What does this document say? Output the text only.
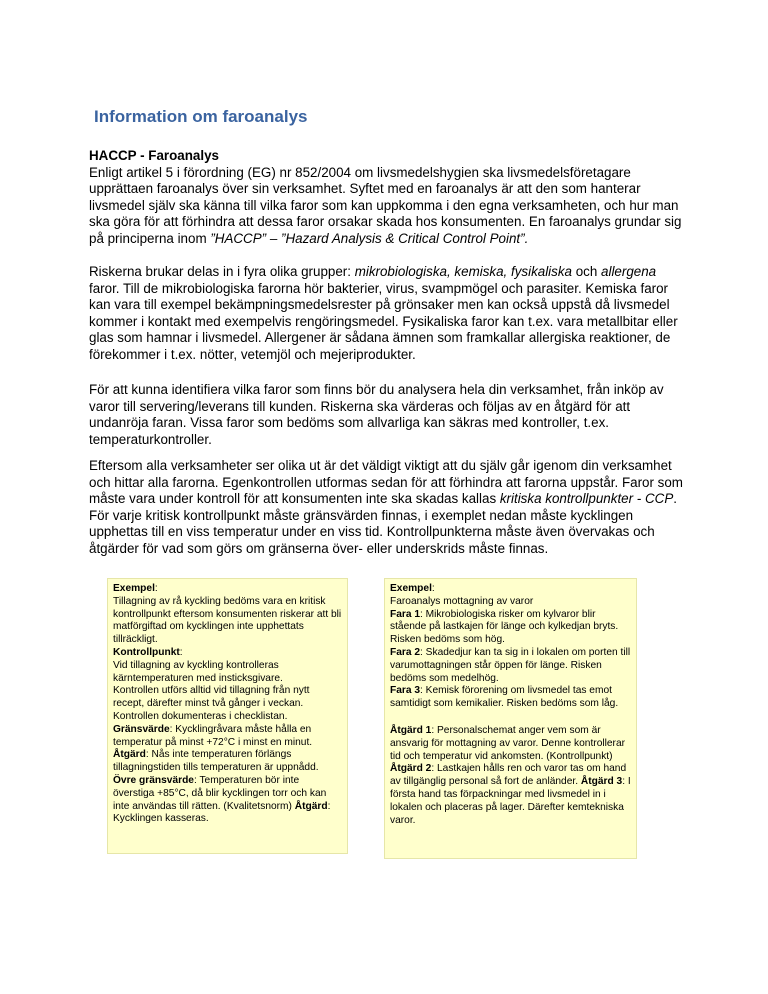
Information om faroanalys

HACCP - Faroanalys

Enligt artikel 5 i förordning (EG) nr 852/2004 om livsmedelshygien ska livsmedelsföretagare upprättaen faroanalys över sin verksamhet. Syftet med en faroanalys är att den som hanterar livsmedel själv ska känna till vilka faror som kan uppkomma i den egna verksamheten, och hur man ska göra för att förhindra att dessa faror orsakar skada hos konsumenten. En faroanalys grundar sig på principerna inom ”HACCP” – ”Hazard Analysis & Critical Control Point”.

Riskerna brukar delas in i fyra olika grupper: mikrobiologiska, kemiska, fysikaliska och allergena faror. Till de mikrobiologiska farorna hör bakterier, virus, svampmögel och parasiter. Kemiska faror kan vara till exempel bekämpningsmedelsrester på grönsaker men kan också uppstå då livsmedel kommer i kontakt med exempelvis rengöringsmedel. Fysikaliska faror kan t.ex. vara metallbitar eller glas som hamnar i livsmedel. Allergener är sådana ämnen som framkallar allergiska reaktioner, de förekommer i t.ex. nötter, vetemjöl och mejeriprodukter.

För att kunna identifiera vilka faror som finns bör du analysera hela din verksamhet, från inköp av varor till servering/leverans till kunden. Riskerna ska värderas och följas av en åtgärd för att undanröja faran. Vissa faror som bedöms som allvarliga kan säkras med kontroller, t.ex. temperaturkontroller.

Eftersom alla verksamheter ser olika ut är det väldigt viktigt att du själv går igenom din verksamhet och hittar alla farorna. Egenkontrollen utformas sedan för att förhindra att farorna uppstår. Faror som måste vara under kontroll för att konsumenten inte ska skadas kallas kritiska kontrollpunkter - CCP. För varje kritisk kontrollpunkt måste gränsvärden finnas, i exemplet nedan måste kycklingen upphettas till en viss temperatur under en viss tid. Kontrollpunkterna måste även övervakas och åtgärder för vad som görs om gränserna över- eller underskrids måste finnas.

Exempel:

Tillagning av rå kyckling bedöms vara en kritisk kontrollpunkt eftersom konsumenten riskerar att bli matförgiftad om kycklingen inte upphettats tillräckligt.

Kontrollpunkt:

Vid tillagning av kyckling kontrolleras kärntemperaturen med insticksgivare.

Kontrollen utförs alltid vid tillagning från nytt recept, därefter minst två gånger i veckan. Kontrollen dokumenteras i checklistan. Gränsvärde: Kycklingråvara måste hålla en temperatur på minst +72°C i minst en minut. Åtgärd: Nås inte temperaturen förlängs tillagningstiden tills temperaturen är uppnådd. Övre gränsvärde: Temperaturen bör inte överstiga +85°C, då blir kycklingen torr och kan inte användas till rätten. (Kvalitetsnorm) Åtgärd: Kycklingen kasseras.

Exempel:

Faroanalys mottagning av varor

Fara 1: Mikrobiologiska risker om kylvaror blir stående på lastkajen för länge och kylkedjan bryts. Risken bedöms som hög.

Fara 2: Skadedjur kan ta sig in i lokalen om porten till varumottagningen står öppen för länge. Risken bedöms som medelhög.

Fara 3: Kemisk förorening om livsmedel tas emot samtidigt som kemikalier. Risken bedöms som låg.

Åtgärd 1: Personalschemat anger vem som är ansvarig för mottagning av varor. Denne kontrollerar tid och temperatur vid ankomsten. (Kontrollpunkt)

Åtgärd 2: Lastkajen hålls ren och varor tas om hand av tillgänglig personal så fort de anländer. Åtgärd 3: I första hand tas förpackningar med livsmedel in i lokalen och placeras på lager. Därefter kemtekniska varor.
